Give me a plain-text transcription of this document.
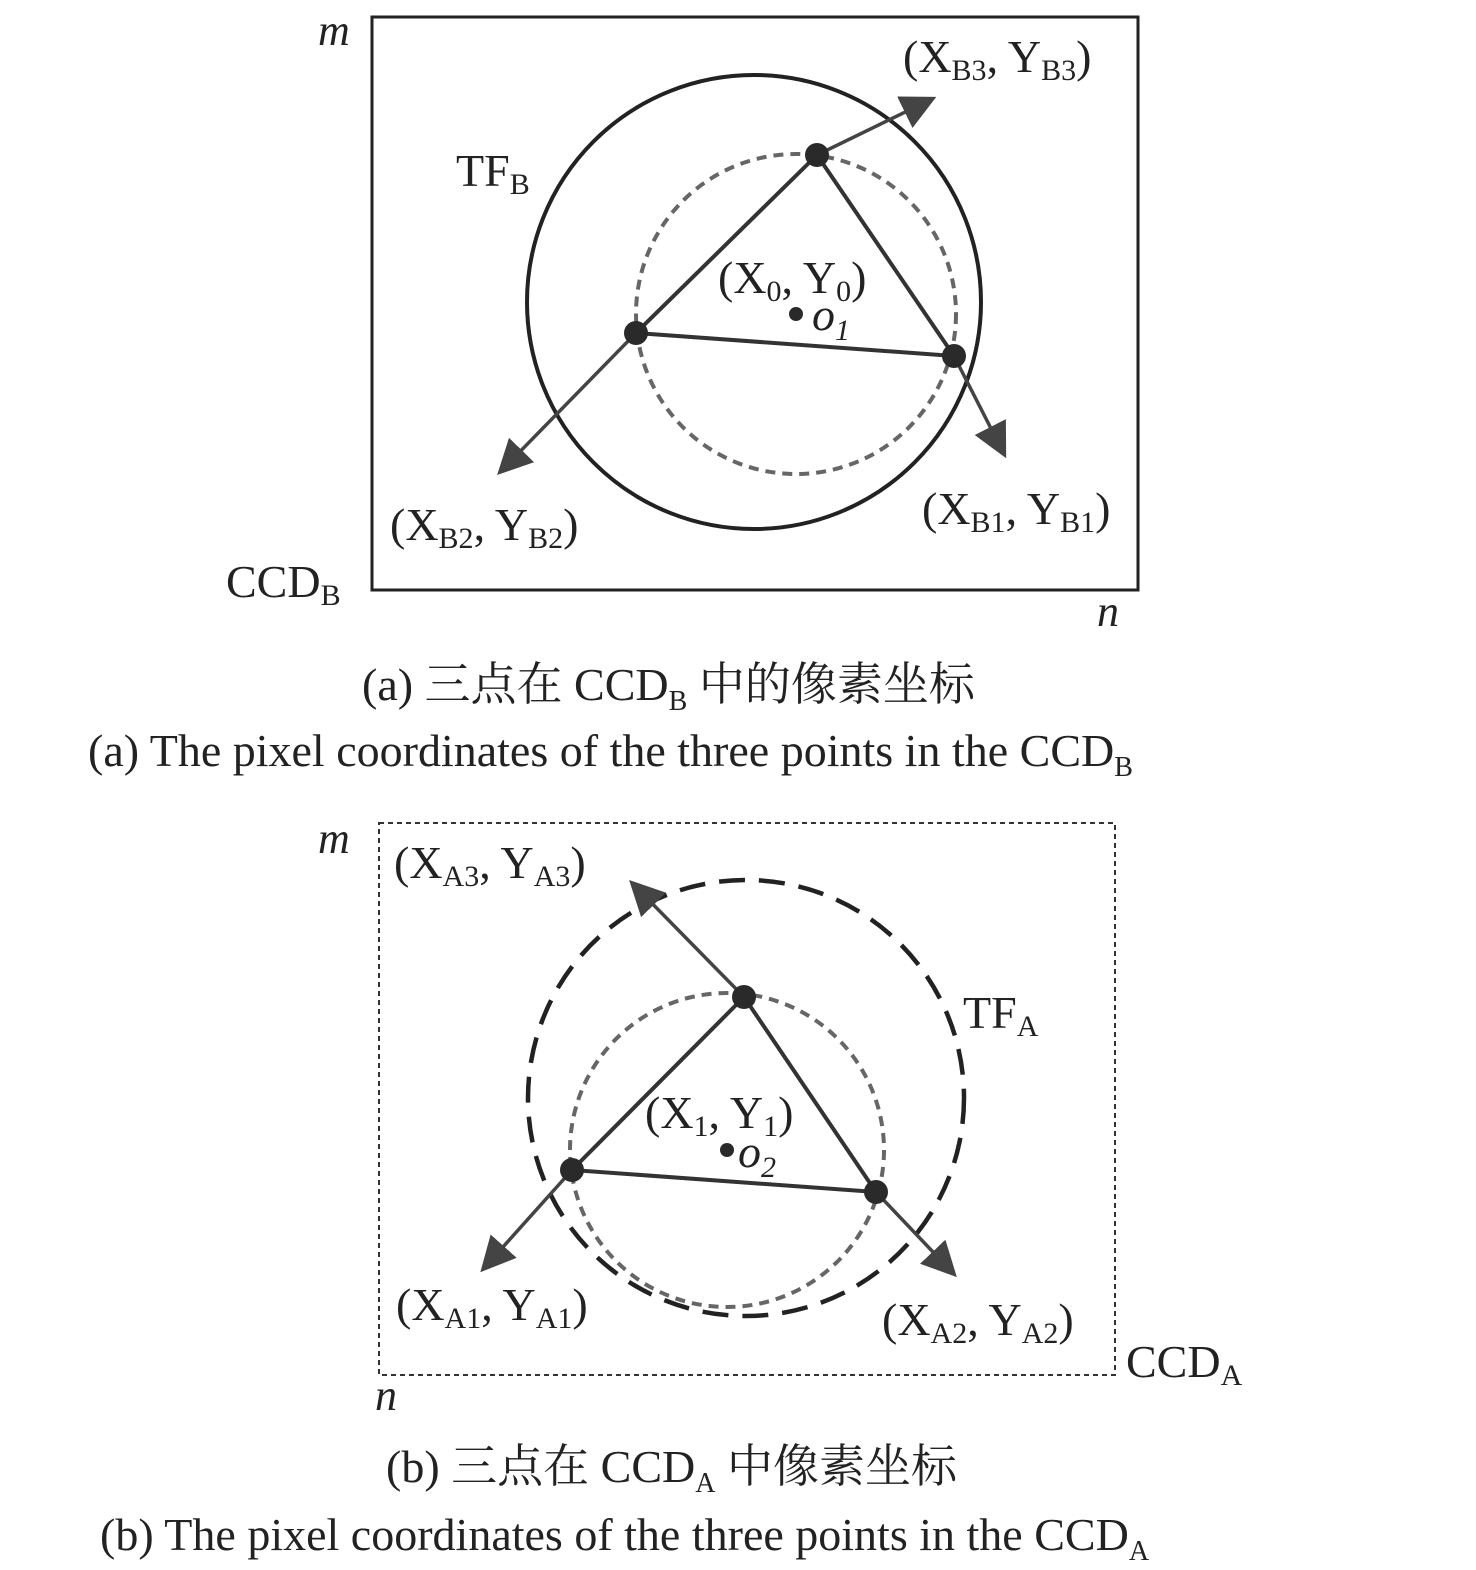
m
n
TFB
(XB3, YB3)
(X0, Y0)
$o_1$
(XB2, YB2)	(XB1, YB1)
CCDB
(a) 三点在 $CCD_B$ 中的像素坐标
(a) The pixel coordinates of the three points in the $CCD_B$
m
n
(XA3, YA3)
TFA
(X1, Y1)
$o_2$
(XA1, YA1)	(XA2, YA2)
CCDA
(b) 三点在 $CCD_A$ 中像素坐标
(b) The pixel coordinates of the three points in the $CCD_A$
